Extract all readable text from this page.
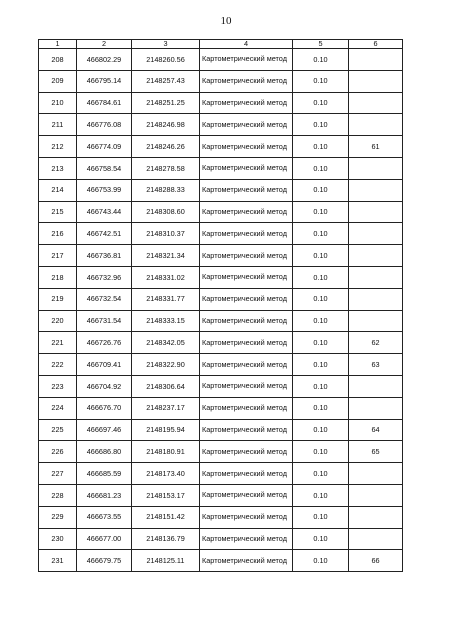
10
1	2	3	4	5	6
208	466802.29	2148260.56	Картометрический метод	0.10	
209	466795.14	2148257.43	Картометрический метод	0.10	
210	466784.61	2148251.25	Картометрический метод	0.10	
211	466776.08	2148246.98	Картометрический метод	0.10	
212	466774.09	2148246.26	Картометрический метод	0.10	61
213	466758.54	2148278.58	Картометрический метод	0.10	
214	466753.99	2148288.33	Картометрический метод	0.10	
215	466743.44	2148308.60	Картометрический метод	0.10	
216	466742.51	2148310.37	Картометрический метод	0.10	
217	466736.81	2148321.34	Картометрический метод	0.10	
218	466732.96	2148331.02	Картометрический метод	0.10	
219	466732.54	2148331.77	Картометрический метод	0.10	
220	466731.54	2148333.15	Картометрический метод	0.10	
221	466726.76	2148342.05	Картометрический метод	0.10	62
222	466709.41	2148322.90	Картометрический метод	0.10	63
223	466704.92	2148306.64	Картометрический метод	0.10	
224	466676.70	2148237.17	Картометрический метод	0.10	
225	466697.46	2148195.94	Картометрический метод	0.10	64
226	466686.80	2148180.91	Картометрический метод	0.10	65
227	466685.59	2148173.40	Картометрический метод	0.10	
228	466681.23	2148153.17	Картометрический метод	0.10	
229	466673.55	2148151.42	Картометрический метод	0.10	
230	466677.00	2148136.79	Картометрический метод	0.10	
231	466679.75	2148125.11	Картометрический метод	0.10	66
